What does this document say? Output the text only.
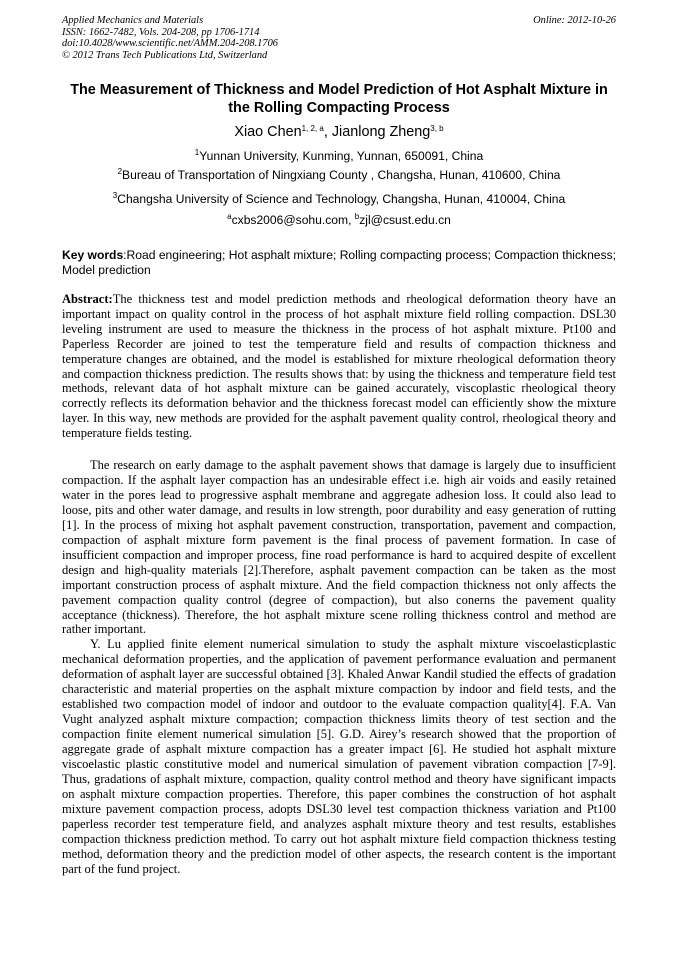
Applied Mechanics and Materials
ISSN: 1662-7482, Vols. 204-208, pp 1706-1714
doi:10.4028/www.scientific.net/AMM.204-208.1706
© 2012 Trans Tech Publications Ltd, Switzerland
Online: 2012-10-26
The Measurement of Thickness and Model Prediction of Hot Asphalt Mixture in the Rolling Compacting Process
Xiao Chen$^{1, 2, a}$, Jianlong Zheng$^{3, b}$
$^1$Yunnan University, Kunming, Yunnan, 650091, China
$^2$Bureau of Transportation of Ningxiang County , Changsha, Hunan, 410600, China
$^3$Changsha University of Science and Technology, Changsha, Hunan, 410004, China
$^a$cxbs2006@sohu.com, $^b$zjl@csust.edu.cn
Key words:Road engineering; Hot asphalt mixture; Rolling compacting process; Compaction thickness; Model prediction
Abstract:The thickness test and model prediction methods and rheological deformation theory have an important impact on quality control in the process of hot asphalt mixture field rolling compaction. DSL30 leveling instrument are used to measure the thickness in the process of hot asphalt mixture. Pt100 and Paperless Recorder are joined to test the temperature field and results of compaction thickness and temperature changes are obtained, and the model is established for mixture rheological deformation theory and compaction thickness prediction. The results shows that: by using the thickness and temperature field test methods, relevant data of hot asphalt mixture can be gained accurately, viscoplastic rheological theory correctly reflects its deformation behavior and the thickness forecast model can efficiently show the mixture layer. In this way, new methods are provided for the asphalt pavement quality control, rheological theory and temperature fields testing.

The research on early damage to the asphalt pavement shows that damage is largely due to insufficient compaction. If the asphalt layer compaction has an undesirable effect i.e. high air voids and easily retained water in the pores lead to progressive asphalt membrane and aggregate adhesion loss. It could also lead to loose, pits and other water damage, and results in low strength, poor durability and easy generation of rutting [1]. In the process of mixing hot asphalt pavement construction, transportation, pavement and compaction, compaction of asphalt mixture form pavement is the final process of pavement formation. In case of insufficient compaction and improper process, fine road performance is hard to acquired despite of excellent design and high-quality materials [2].Therefore, asphalt pavement compaction can be taken as the most important construction process of asphalt mixture. And the field compaction thickness not only affects the pavement compaction quality control (degree of compaction), but also conerns the pavement quality acceptance (thickness). Therefore, the hot asphalt mixture scene rolling thickness control and method are rather important.

Y. Lu applied finite element numerical simulation to study the asphalt mixture viscoelasticplastic mechanical deformation properties, and the application of pavement performance evaluation and permanent deformation of asphalt layer are successful obtained [3]. Khaled Anwar Kandil studied the effects of gradation characteristic and material properties on the asphalt mixture compaction by indoor and field tests, and the established two compaction model of indoor and outdoor to the evaluate compaction quality[4]. F.A. Van Vught analyzed asphalt mixture compaction; compaction thickness limits theory of test section and the compaction finite element numerical simulation [5]. G.D. Airey’s research showed that the proportion of aggregate grade of asphalt mixture compaction has a greater impact [6]. He studied hot asphalt mixture viscoelastic plastic constitutive model and numerical simulation of pavement vibration compaction [7-9]. Thus, gradations of asphalt mixture, compaction, quality control method and theory have significant impacts on asphalt mixture compaction properties. Therefore, this paper combines the construction of hot asphalt mixture pavement compaction process, adopts DSL30 level test compaction thickness variation and Pt100 paperless recorder test temperature field, and analyzes asphalt mixture theory and test results, establishes compaction thickness prediction method. To carry out hot asphalt mixture field compaction thickness testing method, deformation theory and the prediction model of other aspects, the research content is the important part of the fund project.
